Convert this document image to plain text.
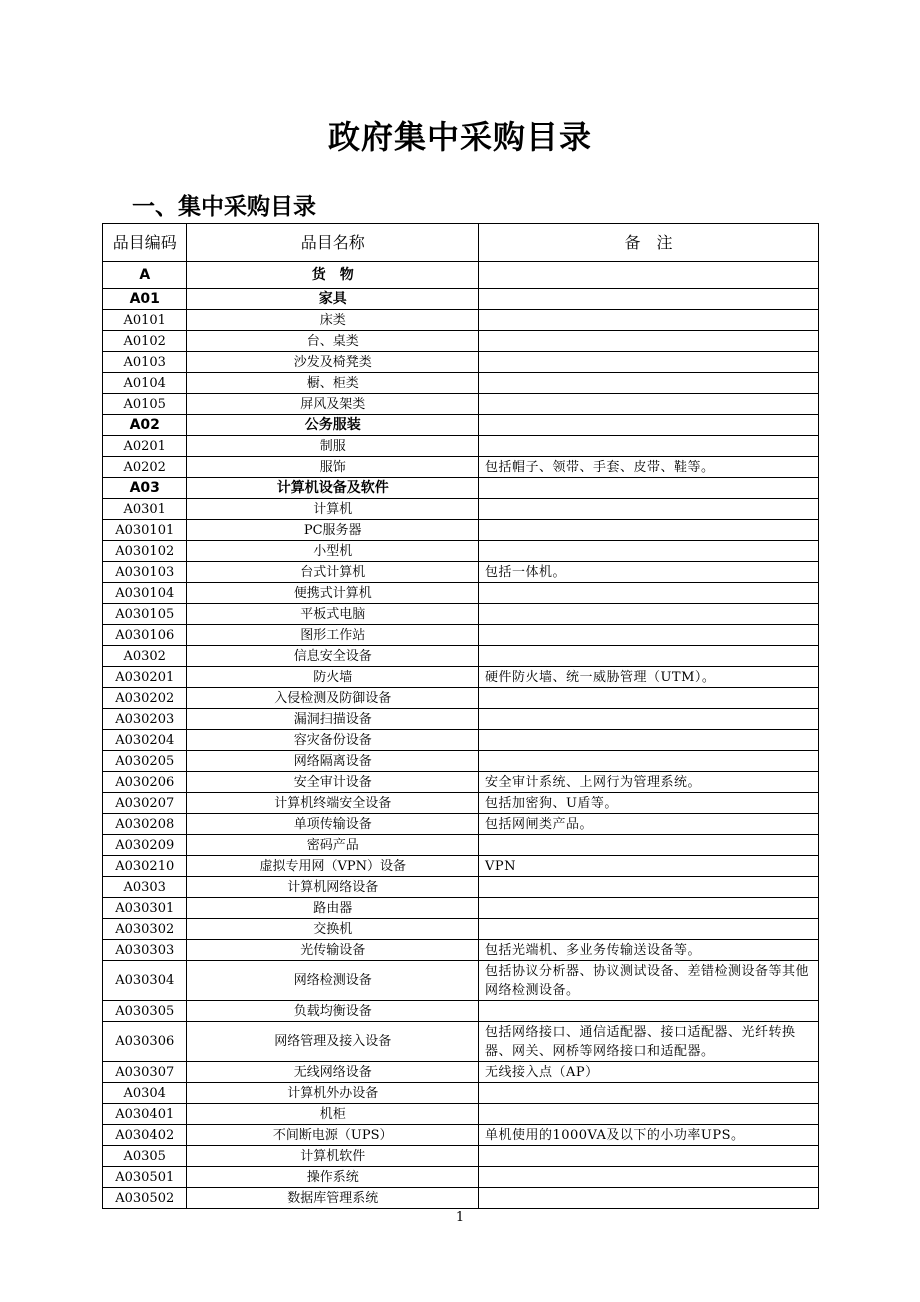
政府集中采购目录
一、集中采购目录
品目编码	品目名称	备　注
A	货　物	
A01	家具	
A0101	床类	
A0102	台、桌类	
A0103	沙发及椅凳类	
A0104	橱、柜类	
A0105	屏风及架类	
A02	公务服装	
A0201	制服	
A0202	服饰	包括帽子、领带、手套、皮带、鞋等。
A03	计算机设备及软件	
A0301	计算机	
A030101	PC服务器	
A030102	小型机	
A030103	台式计算机	包括一体机。
A030104	便携式计算机	
A030105	平板式电脑	
A030106	图形工作站	
A0302	信息安全设备	
A030201	防火墙	硬件防火墙、统一威胁管理（UTM）。
A030202	入侵检测及防御设备	
A030203	漏洞扫描设备	
A030204	容灾备份设备	
A030205	网络隔离设备	
A030206	安全审计设备	安全审计系统、上网行为管理系统。
A030207	计算机终端安全设备	包括加密狗、U盾等。
A030208	单项传输设备	包括网闸类产品。
A030209	密码产品	
A030210	虚拟专用网（VPN）设备	VPN
A0303	计算机网络设备	
A030301	路由器	
A030302	交换机	
A030303	光传输设备	包括光端机、多业务传输送设备等。
A030304	网络检测设备	包括协议分析器、协议测试设备、差错检测设备等其他网络检测设备。
A030305	负载均衡设备	
A030306	网络管理及接入设备	包括网络接口、通信适配器、接口适配器、光纤转换器、网关、网桥等网络接口和适配器。
A030307	无线网络设备	无线接入点（AP）
A0304	计算机外办设备	
A030401	机柜	
A030402	不间断电源（UPS）	单机使用的1000VA及以下的小功率UPS。
A0305	计算机软件	
A030501	操作系统	
A030502	数据库管理系统	
1
